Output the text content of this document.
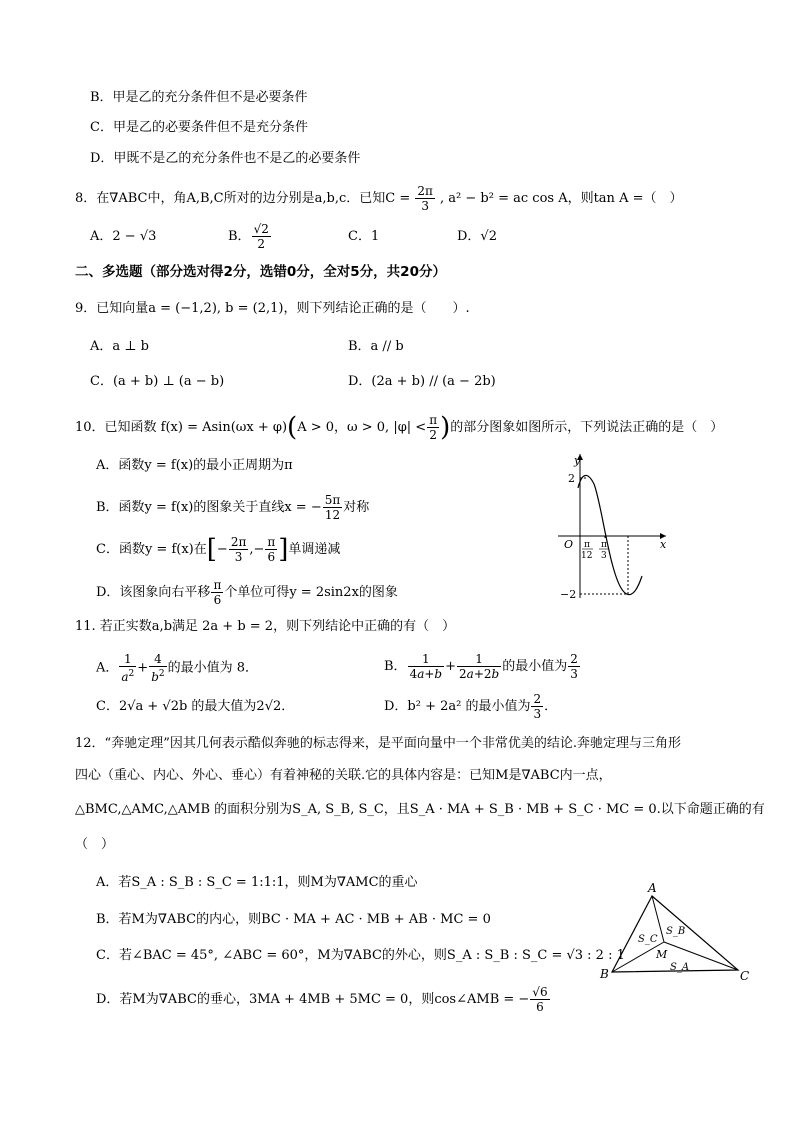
B．甲是乙的充分条件但不是必要条件
C．甲是乙的必要条件但不是充分条件
D．甲既不是乙的充分条件也不是乙的必要条件
8．在∇ABC中，角A,B,C所对的边分别是a,b,c．已知$C = \frac{2\pi}{3}$ , a² − b² = ac cos A，则tan A =（　）
A．2 − √3	B． $\frac{√2}{2}$	C．1	D．√2
二、多选题（部分选对得2分，选错0分，全对5分，共20分）
9．已知向量a = (−1,2), b = (2,1)，则下列结论正确的是（　　）.
A．a ⊥ b	B．a // b
C．(a + b) ⊥ (a − b)	D．(2a + b) // (a − 2b)
10．已知函数 f(x) = Asin(ωx + φ)(A > 0，ω > 0, $|\varphi| < \frac{\pi}{2}$ )的部分图象如图所示，下列说法正确的是（　）
A．函数y = f(x)的最小正周期为π
B．函数y = f(x)的图象关于直线x = − $\frac{5\pi}{12}$ 对称
C．函数y = f(x)在[− $\frac{2\pi}{3}$ ,− $\frac{\pi}{6}$ ]单调递减
D．该图象向右平移 $\frac{\pi}{6}$ 个单位可得y = 2sin2x的图象
y
x
O
2
−2
π
12
π
3
11. 若正实数a,b满足 2a + b = 2，则下列结论中正确的有（　）
A． $\frac{1}{a^2} + \frac{4}{b^2}$ 的最小值为 8．	B． $\frac{1}{4a+b} + \frac{1}{2a+2b}$ 的最小值为 $\frac{2}{3}$
C．2√a + √2b 的最大值为2√2．	D．b² + 2a² 的最小值为 $\frac{2}{3}$ ．
12．“奔驰定理”因其几何表示酷似奔驰的标志得来，是平面向量中一个非常优美的结论.奔驰定理与三角形
四心（重心、内心、外心、垂心）有着神秘的关联.它的具体内容是：已知M是∇ABC内一点，
△BMC,△AMC,△AMB 的面积分别为S_A, S_B, S_C，且S_A · MA + S_B · MB + S_C · MC = 0.以下命题正确的有
（　）
A．若S_A : S_B : S_C = 1:1:1，则M为∇AMC的重心
B．若M为∇ABC的内心，则BC · MA + AC · MB + AB · MC = 0
C．若∠BAC = 45°, ∠ABC = 60°，M为∇ABC的外心，则S_A : S_B : S_C = √3 : 2 : 1
D．若M为∇ABC的垂心，3MA + 4MB + 5MC = 0，则cos∠AMB = − $\frac{√6}{6}$
A
B	C
M
S_C
S_B
S_A
